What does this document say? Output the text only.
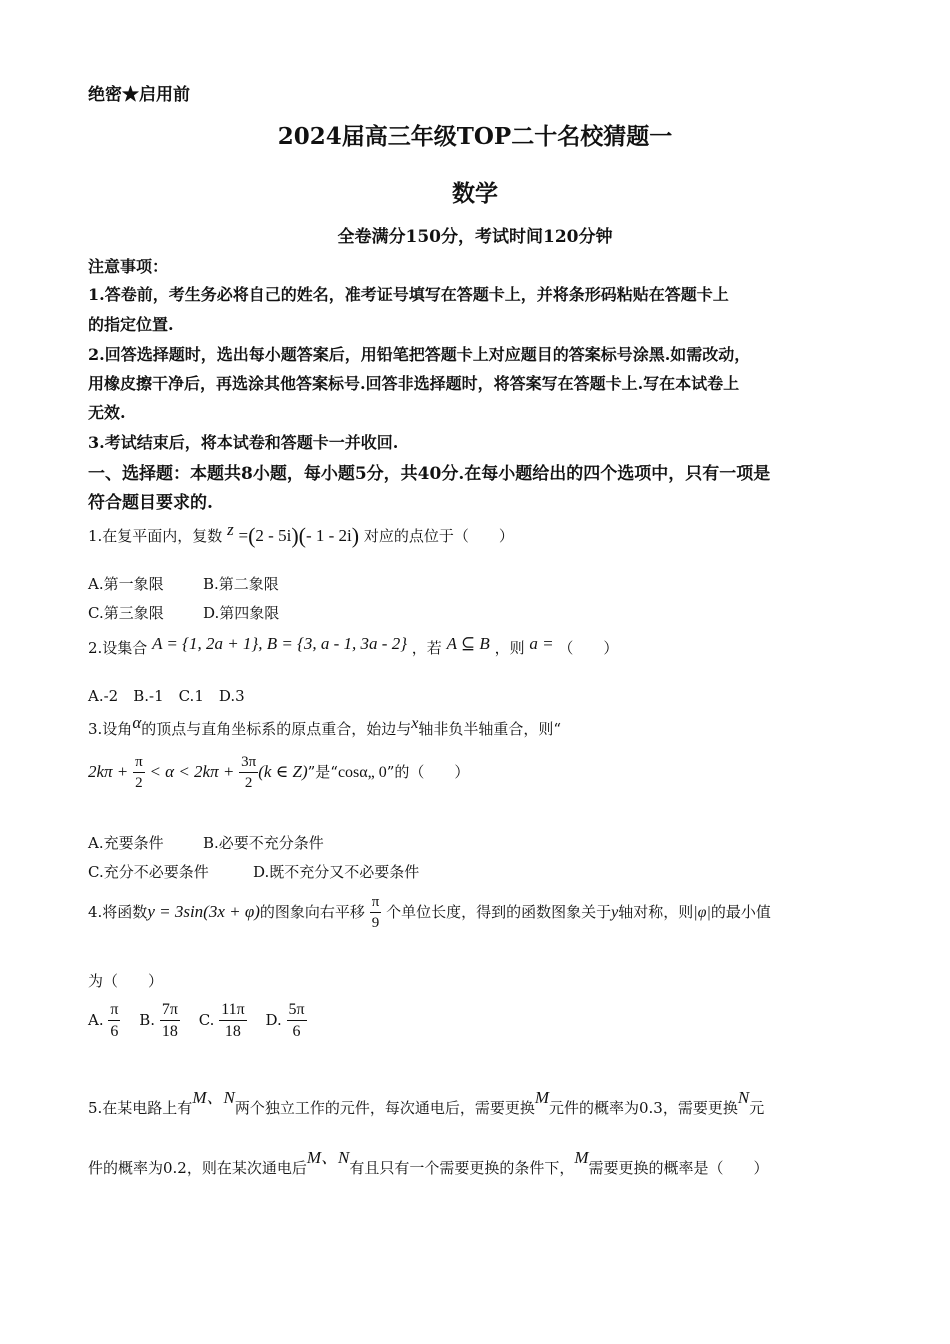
绝密★启用前
2024届高三年级TOP二十名校猜题一
数学
全卷满分150分，考试时间120分钟
注意事项：
1.答卷前，考生务必将自己的姓名，准考证号填写在答题卡上，并将条形码粘贴在答题卡上
的指定位置.
2.回答选择题时，选出每小题答案后，用铅笔把答题卡上对应题目的答案标号涂黑.如需改动，
用橡皮擦干净后，再选涂其他答案标号.回答非选择题时，将答案写在答题卡上.写在本试卷上
无效.
3.考试结束后，将本试卷和答题卡一并收回.
一、选择题：本题共8小题，每小题5分，共40分.在每小题给出的四个选项中，只有一项是
符合题目要求的.
1.在复平面内，复数 z =(2 - 5i)(- 1 - 2i) 对应的点位于（　　）
A.第一象限	B.第二象限
C.第三象限	D.第四象限
2.设集合 A = {1, 2a + 1}, B = {3, a - 1, 3a - 2} ，若 A ⊆ B ，则 a = （　　）
A.-2　B.-1　C.1　D.3
3.设角α的顶点与直角坐标系的原点重合，始边与x轴非负半轴重合，则“
$2k\pi + \frac{\pi}{2} < \alpha < 2k\pi + \frac{3\pi}{2} (k$ ∈ Z)”是“cosα„ 0”的（　　）
A.充要条件	B.必要不充分条件
C.充分不必要条件	D.既不充分又不必要条件
4.将函数y = 3sin(3x + φ)的图象向右平移 $\frac{\pi}{9}$ 个单位长度，得到的函数图象关于y轴对称，则|φ|的最小值
为（　　）
A. $\frac{\pi}{6} B$. $\frac{7\pi}{18} C$. $\frac{11\pi}{18} D$. $\frac{5\pi}{6}$
5.在某电路上有M、N两个独立工作的元件，每次通电后，需要更换M元件的概率为0.3，需要更换N元
件的概率为0.2，则在某次通电后M、N有且只有一个需要更换的条件下，M需要更换的概率是（　　）
